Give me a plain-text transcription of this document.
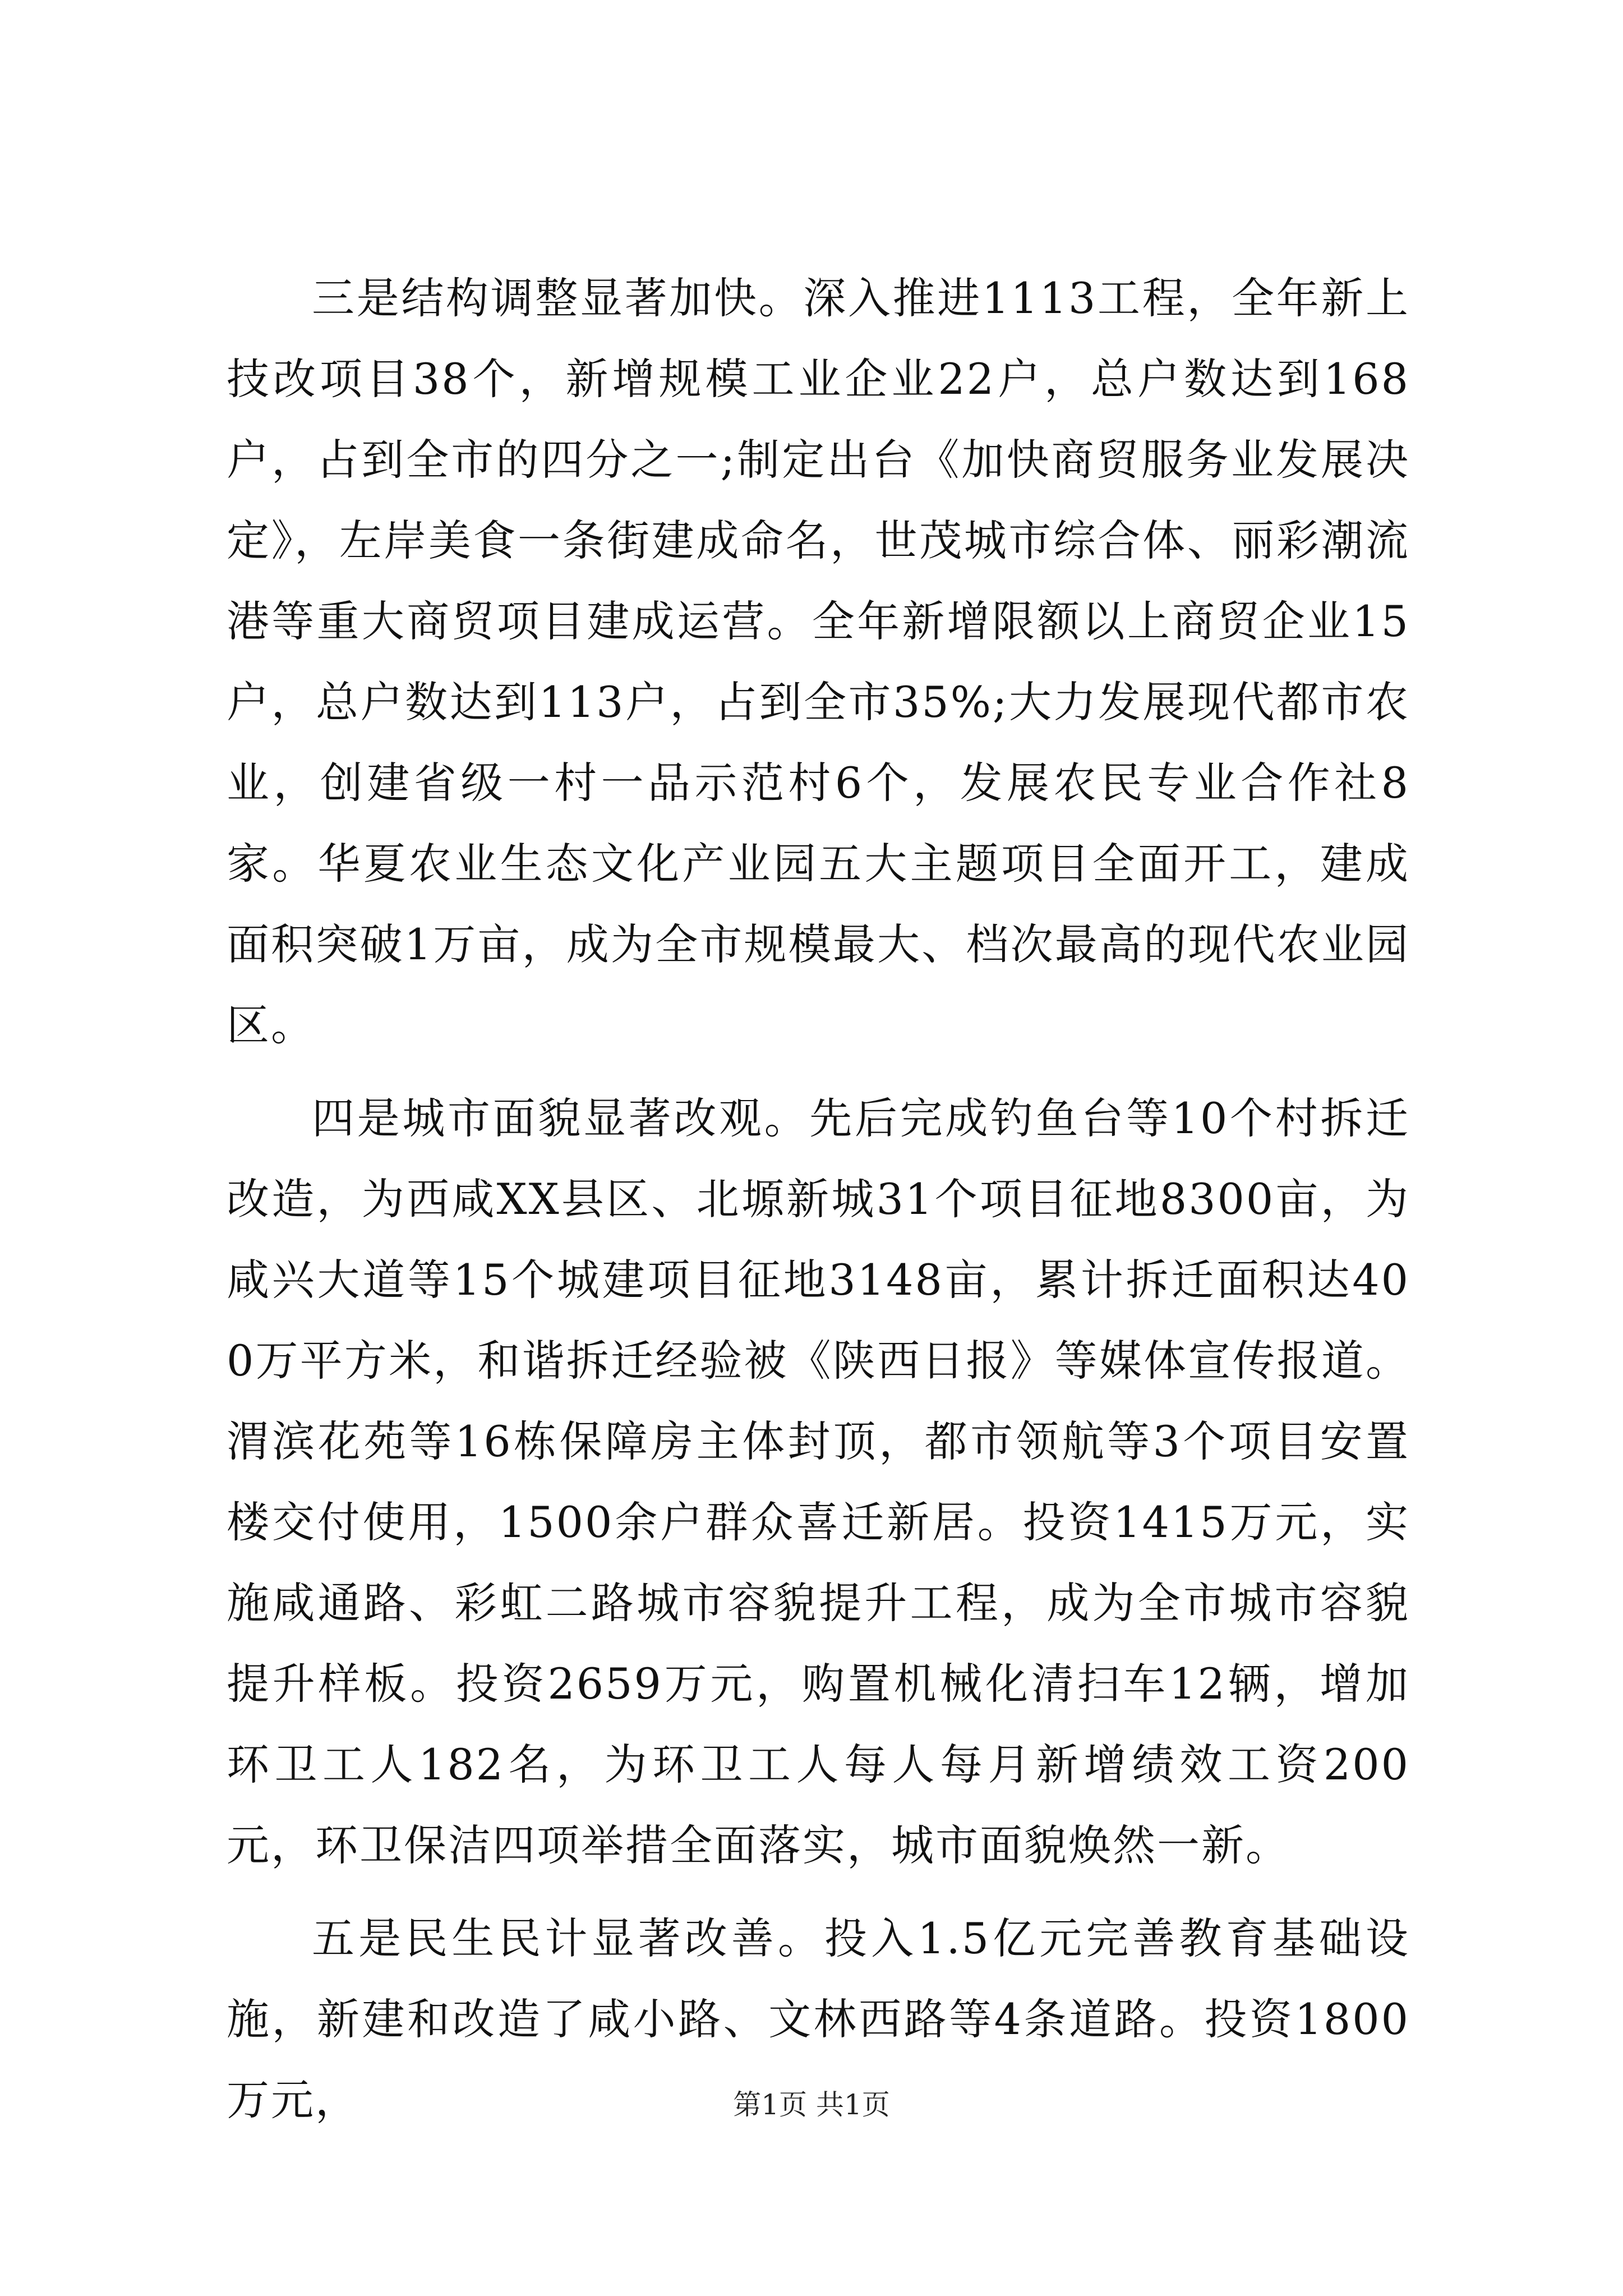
三是结构调整显著加快。深入推进1113工程，全年新上技改项目38个，新增规模工业企业22户，总户数达到168户，占到全市的四分之一;制定出台《加快商贸服务业发展决定》，左岸美食一条街建成命名，世茂城市综合体、丽彩潮流港等重大商贸项目建成运营。全年新增限额以上商贸企业15户，总户数达到113户，占到全市35%;大力发展现代都市农业，创建省级一村一品示范村6个，发展农民专业合作社8家。华夏农业生态文化产业园五大主题项目全面开工，建成面积突破1万亩，成为全市规模最大、档次最高的现代农业园区。

四是城市面貌显著改观。先后完成钓鱼台等10个村拆迁改造，为西咸XX县区、北塬新城31个项目征地8300亩，为咸兴大道等15个城建项目征地3148亩，累计拆迁面积达400万平方米，和谐拆迁经验被《陕西日报》等媒体宣传报道。渭滨花苑等16栋保障房主体封顶，都市领航等3个项目安置楼交付使用，1500余户群众喜迁新居。投资1415万元，实施咸通路、彩虹二路城市容貌提升工程，成为全市城市容貌提升样板。投资2659万元，购置机械化清扫车12辆，增加环卫工人182名，为环卫工人每人每月新增绩效工资200元，环卫保洁四项举措全面落实，城市面貌焕然一新。

五是民生民计显著改善。投入1.5亿元完善教育基础设施，新建和改造了咸小路、文林西路等4条道路。投资1800万元，	第1页 共1页
